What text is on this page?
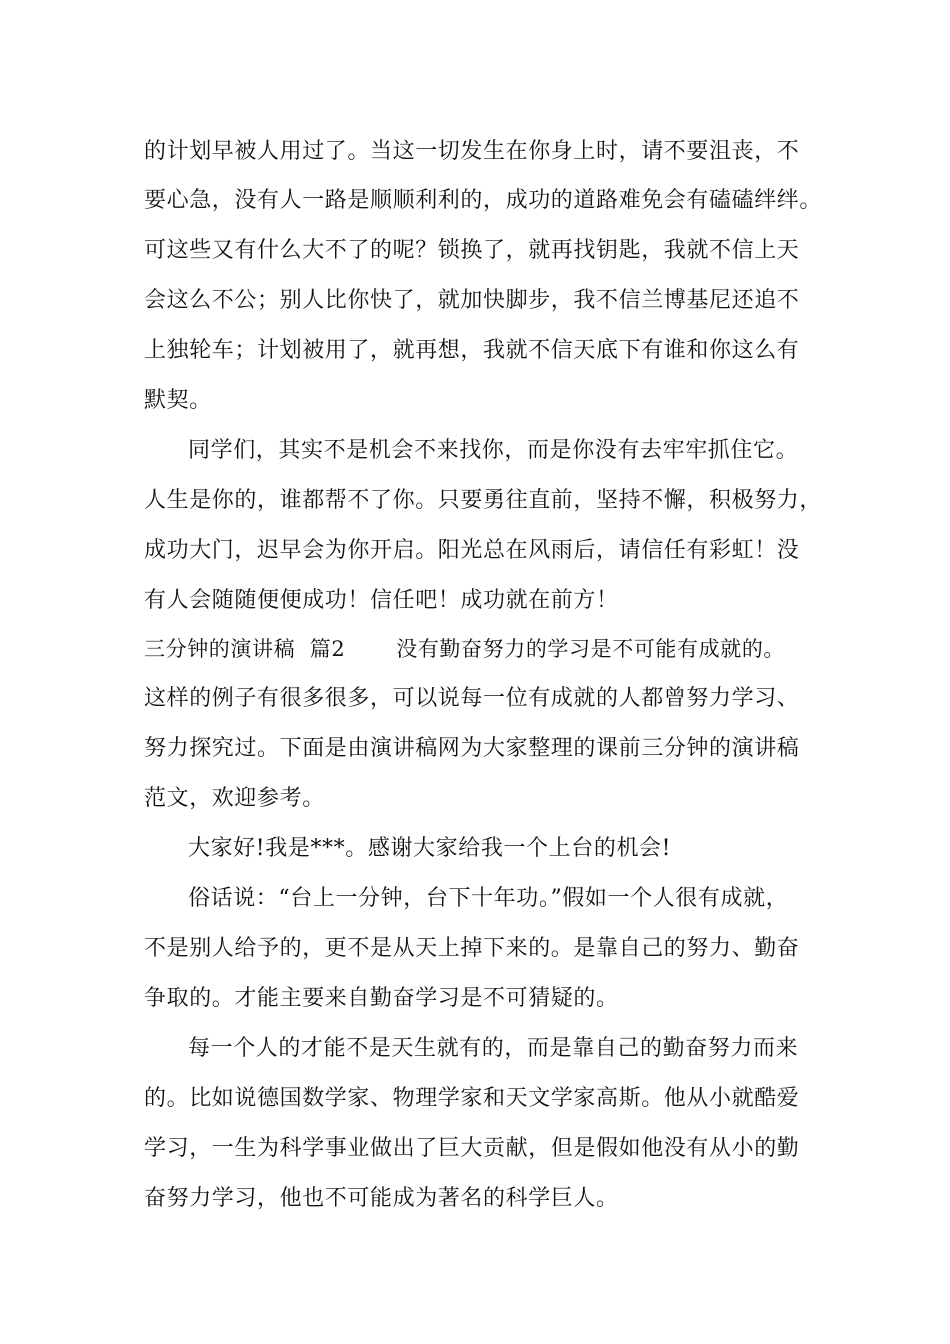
的计划早被人用过了。当这一切发生在你身上时，请不要沮丧，不
要心急，没有人一路是顺顺利利的，成功的道路难免会有磕磕绊绊。
可这些又有什么大不了的呢？锁换了，就再找钥匙，我就不信上天
会这么不公；别人比你快了，就加快脚步，我不信兰博基尼还追不
上独轮车；计划被用了，就再想，我就不信天底下有谁和你这么有
默契。
同学们，其实不是机会不来找你，而是你没有去牢牢抓住它。
人生是你的，谁都帮不了你。只要勇往直前，坚持不懈，积极努力，
成功大门，迟早会为你开启。阳光总在风雨后，请信任有彩虹！没
有人会随随便便成功！信任吧！成功就在前方！
三分钟的演讲稿  篇2       没有勤奋努力的学习是不可能有成就的。
这样的例子有很多很多，可以说每一位有成就的人都曾努力学习、
努力探究过。下面是由演讲稿网为大家整理的课前三分钟的演讲稿
范文，欢迎参考。
大家好!我是***。感谢大家给我一个上台的机会!
俗话说：“台上一分钟，台下十年功。”假如一个人很有成就，
不是别人给予的，更不是从天上掉下来的。是靠自己的努力、勤奋
争取的。才能主要来自勤奋学习是不可猜疑的。
每一个人的才能不是天生就有的，而是靠自己的勤奋努力而来
的。比如说德国数学家、物理学家和天文学家高斯。他从小就酷爱
学习，一生为科学事业做出了巨大贡献，但是假如他没有从小的勤
奋努力学习，他也不可能成为著名的科学巨人。
